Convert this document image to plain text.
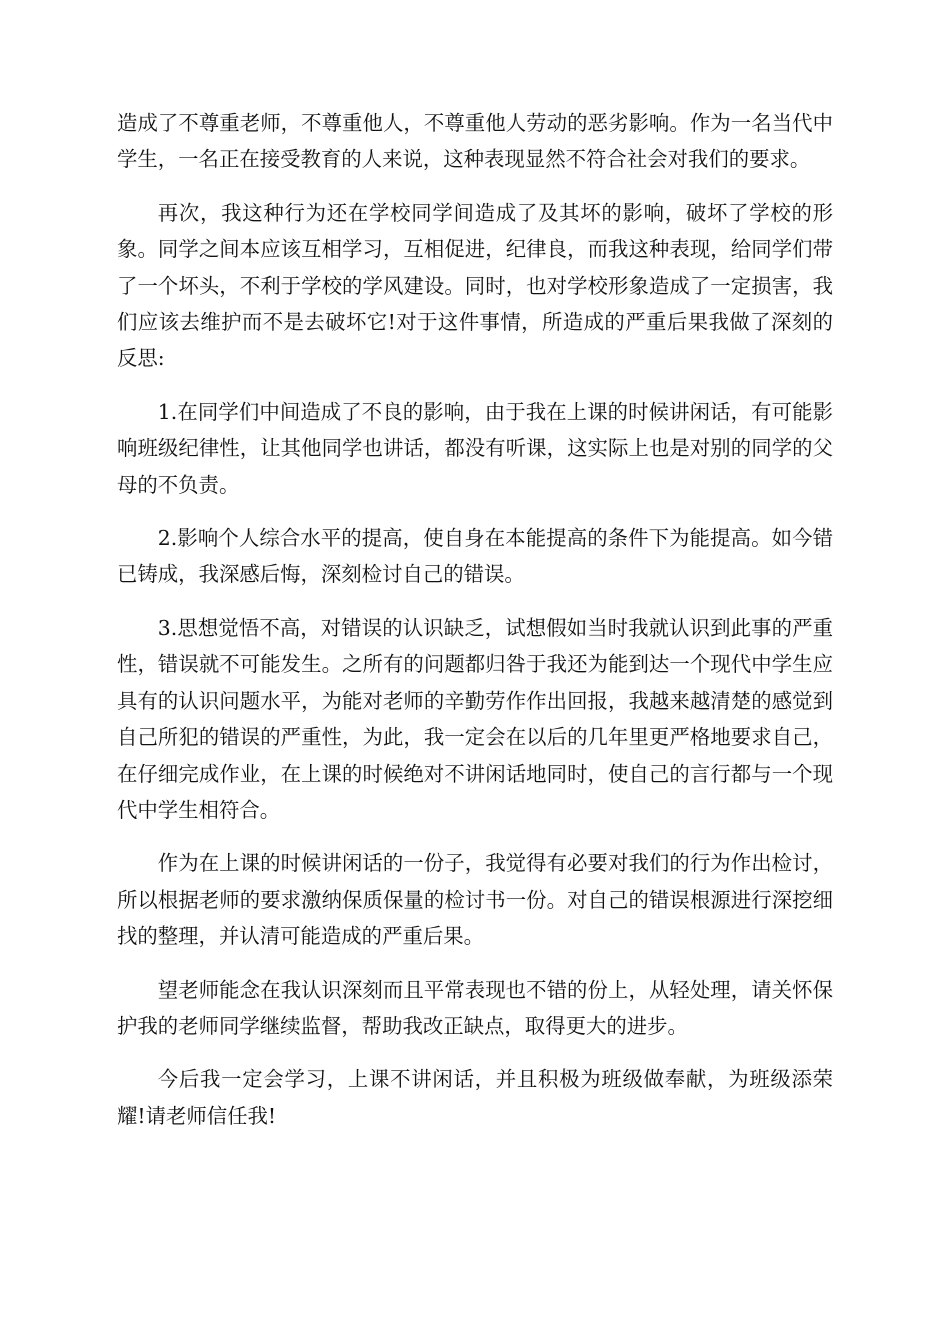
造成了不尊重老师，不尊重他人，不尊重他人劳动的恶劣影响。作为一名当代中学生，一名正在接受教育的人来说，这种表现显然不符合社会对我们的要求。

再次，我这种行为还在学校同学间造成了及其坏的影响，破坏了学校的形象。同学之间本应该互相学习，互相促进，纪律良，而我这种表现，给同学们带了一个坏头，不利于学校的学风建设。同时，也对学校形象造成了一定损害，我们应该去维护而不是去破坏它!对于这件事情，所造成的严重后果我做了深刻的反思:

1.在同学们中间造成了不良的影响，由于我在上课的时候讲闲话，有可能影响班级纪律性，让其他同学也讲话，都没有听课，这实际上也是对别的同学的父母的不负责。

2.影响个人综合水平的提高，使自身在本能提高的条件下为能提高。如今错已铸成，我深感后悔，深刻检讨自己的错误。

3.思想觉悟不高，对错误的认识缺乏，试想假如当时我就认识到此事的严重性，错误就不可能发生。之所有的问题都归咎于我还为能到达一个现代中学生应具有的认识问题水平，为能对老师的辛勤劳作作出回报，我越来越清楚的感觉到自己所犯的错误的严重性，为此，我一定会在以后的几年里更严格地要求自己，在仔细完成作业，在上课的时候绝对不讲闲话地同时，使自己的言行都与一个现代中学生相符合。

作为在上课的时候讲闲话的一份子，我觉得有必要对我们的行为作出检讨，所以根据老师的要求激纳保质保量的检讨书一份。对自己的错误根源进行深挖细找的整理，并认清可能造成的严重后果。

望老师能念在我认识深刻而且平常表现也不错的份上，从轻处理，请关怀保护我的老师同学继续监督，帮助我改正缺点，取得更大的进步。

今后我一定会学习，上课不讲闲话，并且积极为班级做奉献，为班级添荣耀!请老师信任我!
